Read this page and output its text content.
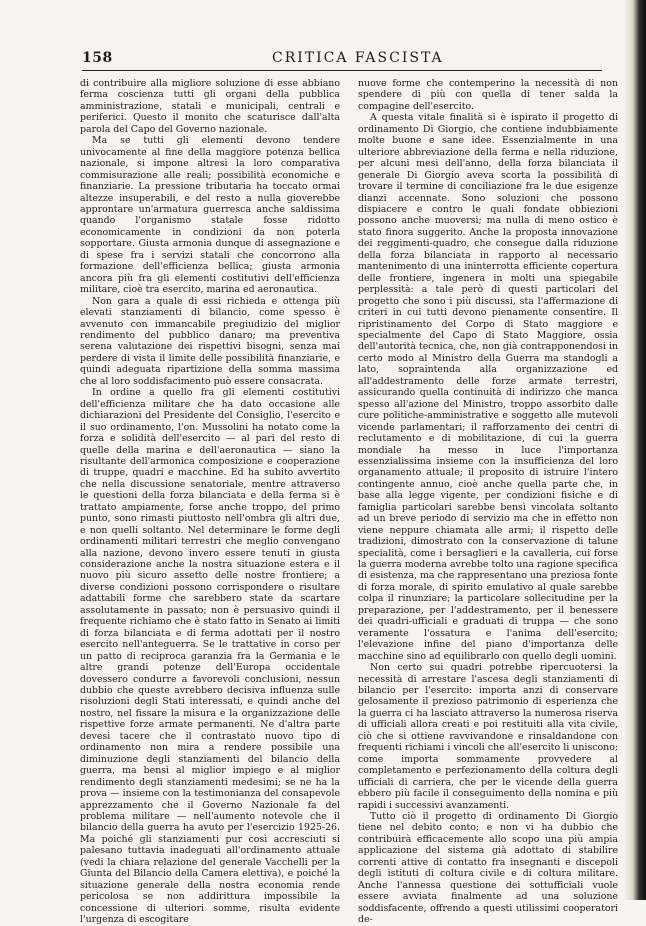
158	CRITICA FASCISTA

di contribuire alla migliore soluzione di esse abbiano ferma coscienza tutti gli organi della pubblica amministrazione, statali e municipali, centrali e periferici. Questo il monito che scaturisce dall'alta parola del Capo del Governo nazionale.

Ma se tutti gli elementi devono tendere univocamente al fine della maggiore potenza bellica nazionale, si impone altresì la loro comparativa commisurazione alle reali; possibilità economiche e finanziarie. La pressione tributaria ha toccato ormai altezze insuperabili, e del resto a nulla gioverebbe approntare un'armatura guerresca anche saldissima quando l'organismo statale fosse ridotto economicamente in condizioni da non poterla sopportare. Giusta armonia dunque di assegnazione e di spese fra i servizi statali che concorrono alla formazione dell'efficienza bellica; giusta armonia ancora più fra gli elementi costitutivi dell'efficienza militare, cioè tra esercito, marina ed aeronautica.

Non gara a quale di essi richieda e ottenga più elevati stanziamenti di bilancio, come spesso è avvenuto con immancabile pregiudizio del miglior rendimento del pubblico danaro; ma preventiva serena valutazione dei rispettivi bisogni, senza mai perdere di vista il limite delle possibilità finanziarie, e quindi adeguata ripartizione della somma massima che al loro soddisfacimento può essere consacrata.

In ordine a quello fra gli elementi costitutivi dell'efficienza militare che ha dato occasione alle dichiarazioni del Presidente del Consiglio, l'esercito e il suo ordinamento, l'on. Mussolini ha notato come la forza e solidità dell'esercito — al pari del resto di quelle della marina e dell'aeronautica — siano la risultante dell'armonica composizione e cooperazione di truppe, quadri e macchine. Ed ha subito avvertito che nella discussione senatoriale, mentre attraverso le questioni della forza bilanciata e della ferma si è trattato ampiamente, forse anche troppo, del primo punto, sono rimasti piuttosto nell'ombra gli altri due, e non quelli soltanto. Nel determinare le forme degli ordinamenti militari terrestri che meglio convengano alla nazione, devono invero essere tenuti in giusta considerazione anche la nostra situazione estera e il nuovo più sicuro assetto delle nostre frontiere; a diverse condizioni possono corrispondere o risultare adattabili forme che sarebbero state da scartare assolutamente in passato; non è persuasivo quindi il frequente richiamo che è stato fatto in Senato ai limiti di forza bilanciata e di ferma adottati per il nostro esercito nell'anteguerra. Se le trattative in corso per un patto di reciproca garanzia fra la Germania e le altre grandi potenze dell'Europa occidentale dovessero condurre a favorevoli conclusioni, nessun dubbio che queste avrebbero decisiva influenza sulle risoluzioni degli Stati interessati, e quindi anche del nostro, nel fissare la misura e la organizzazione delle rispettive forze armate permanenti. Ne d'altra parte devesi tacere che il contrastato nuovo tipo di ordinamento non mira a rendere possibile una diminuzione degli stanziamenti del bilancio della guerra, ma bensì al miglior impiego e al miglior rendimento degli stanziamenti medesimi; se ne ha la prova — insieme con la testimonianza del consapevole apprezzamento che il Governo Nazionale fa del problema militare — nell'aumento notevole che il bilancio della guerra ha avuto per l'esercizio 1925-26. Ma poiché gli stanziamenti pur così accresciuti si palesano tuttavia inadeguati all'ordinamento attuale (vedi la chiara relazione del generale Vacchelli per la Giunta del Bilancio della Camera elettiva), e poiché la situazione generale della nostra economia rende pericolosa se non addirittura impossibile la concessione di ulteriori somme, risulta evidente l'urgenza di escogitare

nuove forme che contemperino la necessità di non spendere di più con quella di tener salda la compagine dell'esercito.

A questa vitale finalità si è ispirato il progetto di ordinamento Di Giorgio, che contiene indubbiamente molte buone e sane idee. Essenzialmente in una ulteriore abbreviazione della ferma e nella riduzione, per alcuni mesi dell'anno, della forza bilanciata il generale Di Giorgio aveva scorta la possibilità di trovare il termine di conciliazione fra le due esigenze dianzi accennate. Sono soluzioni che possono dispiacere e contro le quali fondate obbiezioni possono anche muoversi; ma nulla di meno ostico è stato finora suggerito. Anche la proposta innovazione dei reggimenti-quadro, che consegue dalla riduzione della forza bilanciata in rapporto al necessario mantenimento di una ininterrotta efficiente copertura delle frontiere, ingenera in molti una spiegabile perplessità: a tale però di questi particolari del progetto che sono i più discussi, sta l'affermazione di criteri in cui tutti devono pienamente consentire. Il ripristinamento del Corpo di Stato maggiore e specialmente del Capo di Stato Maggiore, ossia dell'autorità tecnica, che, non già contrapponendosi in certo modo al Ministro della Guerra ma standogli a lato, sopraintenda alla organizzazione ed all'addestramento delle forze armate terrestri, assicurando quella continuità di indirizzo che manca spesso all'azione del Ministro, troppo assorbito dalle cure politiche-amministrative e soggetto alle mutevoli vicende parlamentari; il rafforzamento dei centri di reclutamento e di mobilitazione, di cui la guerra mondiale ha messo in luce l'importanza essenzialissima insieme con la insufficienza del loro organamento attuale; il proposito di istruire l'intero contingente annuo, cioè anche quella parte che, in base alla legge vigente, per condizioni fisiche e di famiglia particolari sarebbe bensì vincolata soltanto ad un breve periodo di servizio ma che in effetto non viene neppure chiamata alle armi; il rispetto delle tradizioni, dimostrato con la conservazione di talune specialità, come i bersaglieri e la cavalleria, cui forse la guerra moderna avrebbe tolto una ragione specifica di esistenza, ma che rappresentano una preziosa fonte di forza morale, di spirito emulativo al quale sarebbe colpa il rinunziare; la particolare sollecitudine per la preparazione, per l'addestramento, per il benessere dei quadri-ufficiali e graduati di truppa — che sono veramente l'ossatura e l'anima dell'esercito; l'elevazione infine del piano d'importanza delle macchine sino ad equilibrarlo con quello degli uomini.

Non certo sui quadri potrebbe ripercuotersi la necessità di arrestare l'ascesa degli stanziamenti di bilancio per l'esercito: importa anzi di conservare gelosamente il prezioso patrimonio di esperienza che la guerra ci ha lasciato attraverso la numerosa riserva di ufficiali allora creati e poi restituiti alla vita civile, ciò che si ottiene ravvivandone e rinsaldandone con frequenti richiami i vincoli che all'esercito li uniscono; come importa sommamente provvedere al completamento e perfezionamento della coltura degli ufficiali di carriera, che per le vicende della guerra ebbero più facile il conseguimento della nomina e più rapidi i successivi avanzamenti.

Tutto ciò il progetto di ordinamento Di Giorgio tiene nel debito conto; e non vi ha dubbio che contribuirà efficacemente allo scopo una più ampia applicazione del sistema già adottato di stabilire correnti attive di contatto fra insegnanti e discepoli degli istituti di coltura civile e di coltura militare. Anche l'annessa questione dei sottufficiali vuole essere avviata finalmente ad una soluzione soddisfacente, offrendo a questi utilissimi cooperatori de-
